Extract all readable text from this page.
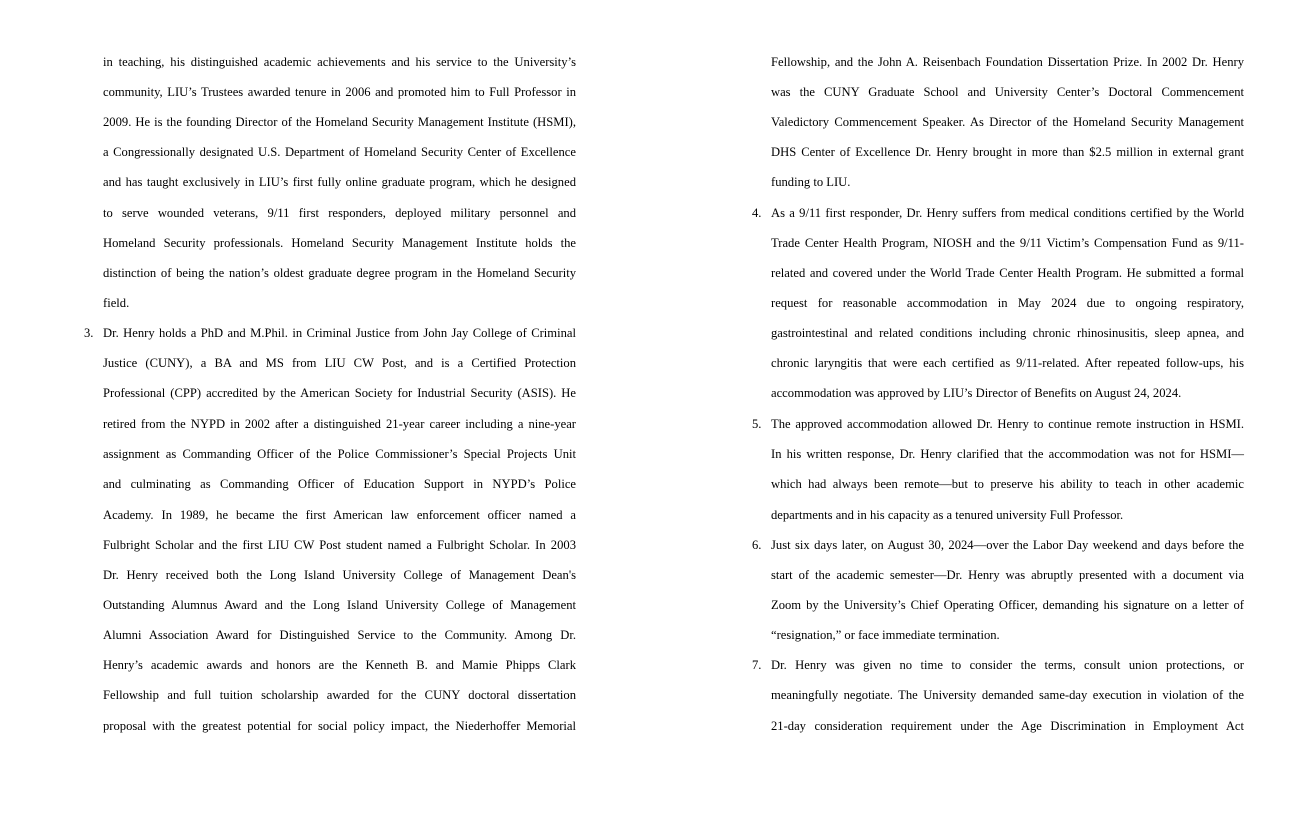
in teaching, his distinguished academic achievements and his service to the University’s
community, LIU’s Trustees awarded tenure in 2006 and promoted him to Full Professor in
2009. He is the founding Director of the Homeland Security Management Institute (HSMI),
a Congressionally designated U.S. Department of Homeland Security Center of Excellence
and has taught exclusively in LIU’s first fully online graduate program, which he designed
to serve wounded veterans, 9/11 first responders, deployed military personnel and
Homeland Security professionals. Homeland Security Management Institute holds the
distinction of being the nation’s oldest graduate degree program in the Homeland Security
field.
3. Dr. Henry holds a PhD and M.Phil. in Criminal Justice from John Jay College of Criminal
Justice (CUNY), a BA and MS from LIU CW Post, and is a Certified Protection
Professional (CPP) accredited by the American Society for Industrial Security (ASIS). He
retired from the NYPD in 2002 after a distinguished 21-year career including a nine-year
assignment as Commanding Officer of the Police Commissioner’s Special Projects Unit
and culminating as Commanding Officer of Education Support in NYPD’s Police
Academy. In 1989, he became the first American law enforcement officer named a
Fulbright Scholar and the first LIU CW Post student named a Fulbright Scholar. In 2003
Dr. Henry received both the Long Island University College of Management Dean's
Outstanding Alumnus Award and the Long Island University College of Management
Alumni Association Award for Distinguished Service to the Community. Among Dr.
Henry’s academic awards and honors are the Kenneth B. and Mamie Phipps Clark
Fellowship and full tuition scholarship awarded for the CUNY doctoral dissertation
proposal with the greatest potential for social policy impact, the Niederhoffer Memorial
Fellowship, and the John A. Reisenbach Foundation Dissertation Prize. In 2002 Dr. Henry
was the CUNY Graduate School and University Center’s Doctoral Commencement
Valedictory Commencement Speaker. As Director of the Homeland Security Management
DHS Center of Excellence Dr. Henry brought in more than $2.5 million in external grant
funding to LIU.
4. As a 9/11 first responder, Dr. Henry suffers from medical conditions certified by the World
Trade Center Health Program, NIOSH and the 9/11 Victim’s Compensation Fund as 9/11-
related and covered under the World Trade Center Health Program. He submitted a formal
request for reasonable accommodation in May 2024 due to ongoing respiratory,
gastrointestinal and related conditions including chronic rhinosinusitis, sleep apnea, and
chronic laryngitis that were each certified as 9/11-related. After repeated follow-ups, his
accommodation was approved by LIU’s Director of Benefits on August 24, 2024.
5. The approved accommodation allowed Dr. Henry to continue remote instruction in HSMI.
In his written response, Dr. Henry clarified that the accommodation was not for HSMI—
which had always been remote—but to preserve his ability to teach in other academic
departments and in his capacity as a tenured university Full Professor.
6. Just six days later, on August 30, 2024—over the Labor Day weekend and days before the
start of the academic semester—Dr. Henry was abruptly presented with a document via
Zoom by the University’s Chief Operating Officer, demanding his signature on a letter of
“resignation,” or face immediate termination.
7. Dr. Henry was given no time to consider the terms, consult union protections, or
meaningfully negotiate. The University demanded same-day execution in violation of the
21-day consideration requirement under the Age Discrimination in Employment Act
